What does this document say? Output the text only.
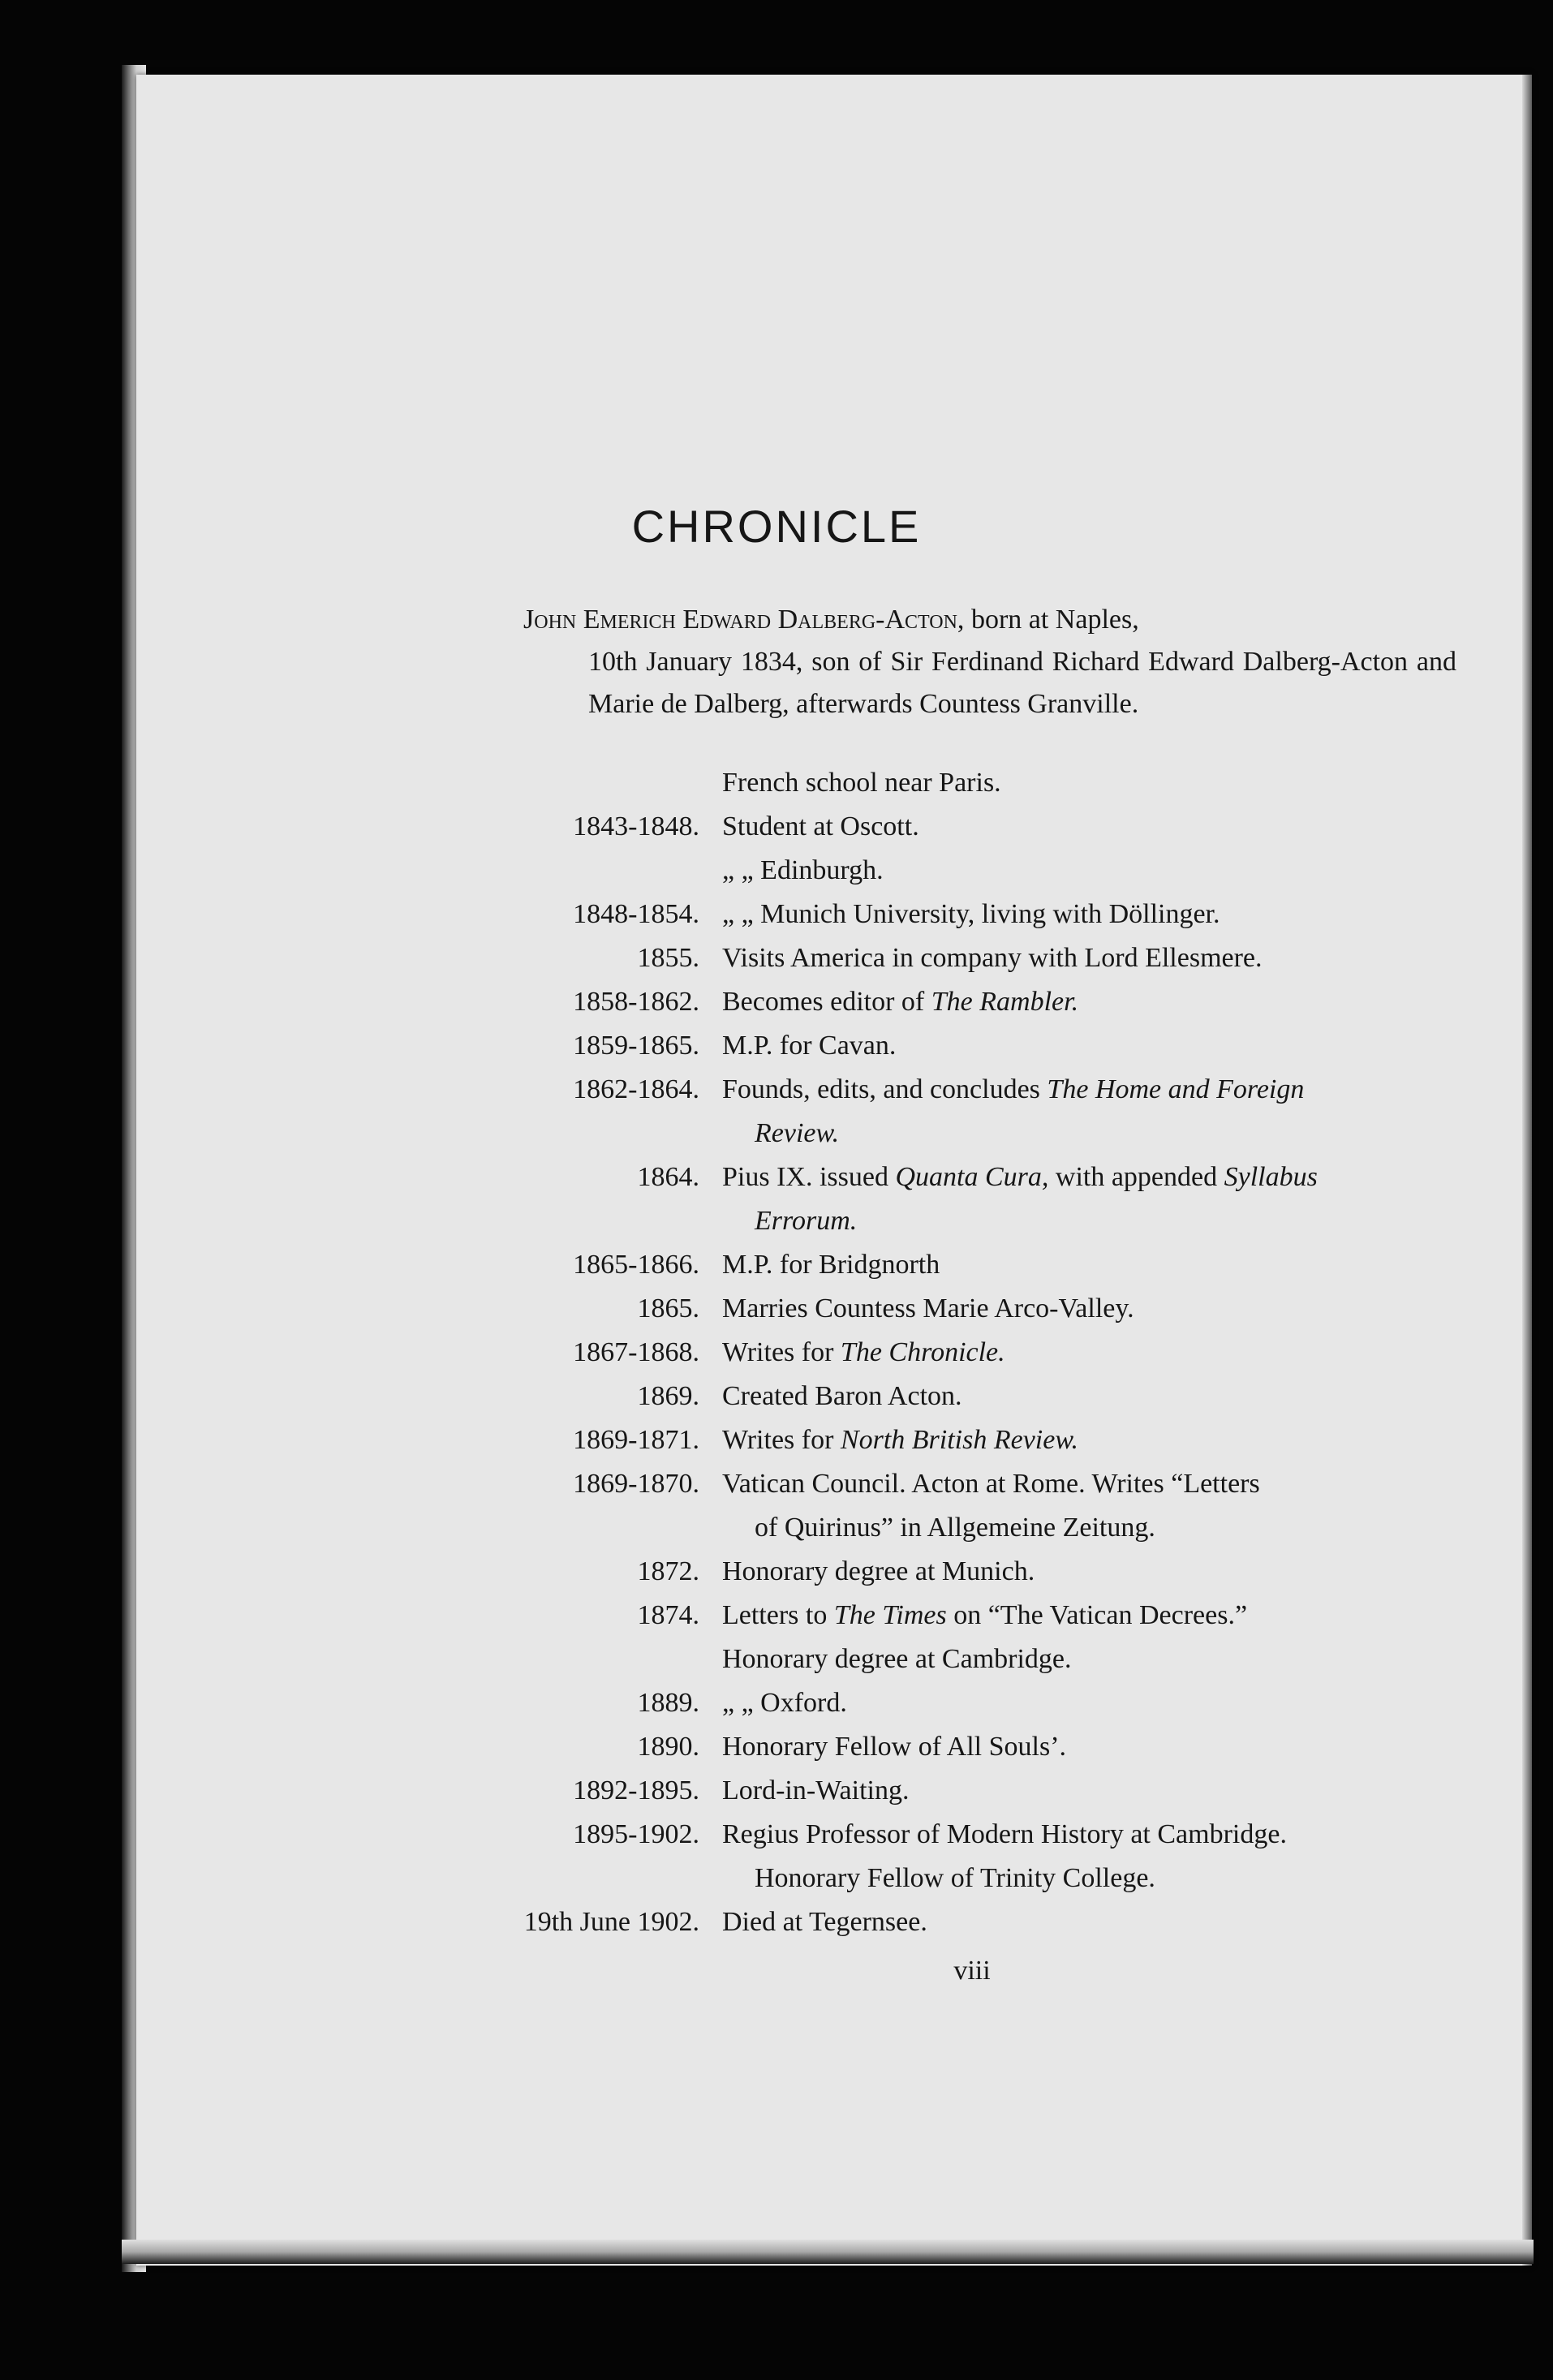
CHRONICLE
John Emerich Edward Dalberg-Acton, born at Naples,
10th January 1834, son of Sir Ferdinand Richard Edward Dalberg-Acton and Marie de Dalberg, afterwards Countess Granville.
French school near Paris.
1843-1848. Student at Oscott.
„ „ Edinburgh.
1848-1854. „ „ Munich University, living with Döllinger.
1855. Visits America in company with Lord Ellesmere.
1858-1862. Becomes editor of The Rambler.
1859-1865. M.P. for Cavan.
1862-1864. Founds, edits, and concludes The Home and Foreign
Review.
1864. Pius IX. issued Quanta Cura, with appended Syllabus
Errorum.
1865-1866. M.P. for Bridgnorth
1865. Marries Countess Marie Arco-Valley.
1867-1868. Writes for The Chronicle.
1869. Created Baron Acton.
1869-1871. Writes for North British Review.
1869-1870. Vatican Council. Acton at Rome. Writes “Letters
of Quirinus” in Allgemeine Zeitung.
1872. Honorary degree at Munich.
1874. Letters to The Times on “The Vatican Decrees.”
Honorary degree at Cambridge.
1889. „ „ Oxford.
1890. Honorary Fellow of All Souls’.
1892-1895. Lord-in-Waiting.
1895-1902. Regius Professor of Modern History at Cambridge.
Honorary Fellow of Trinity College.
19th June 1902. Died at Tegernsee.
viii
